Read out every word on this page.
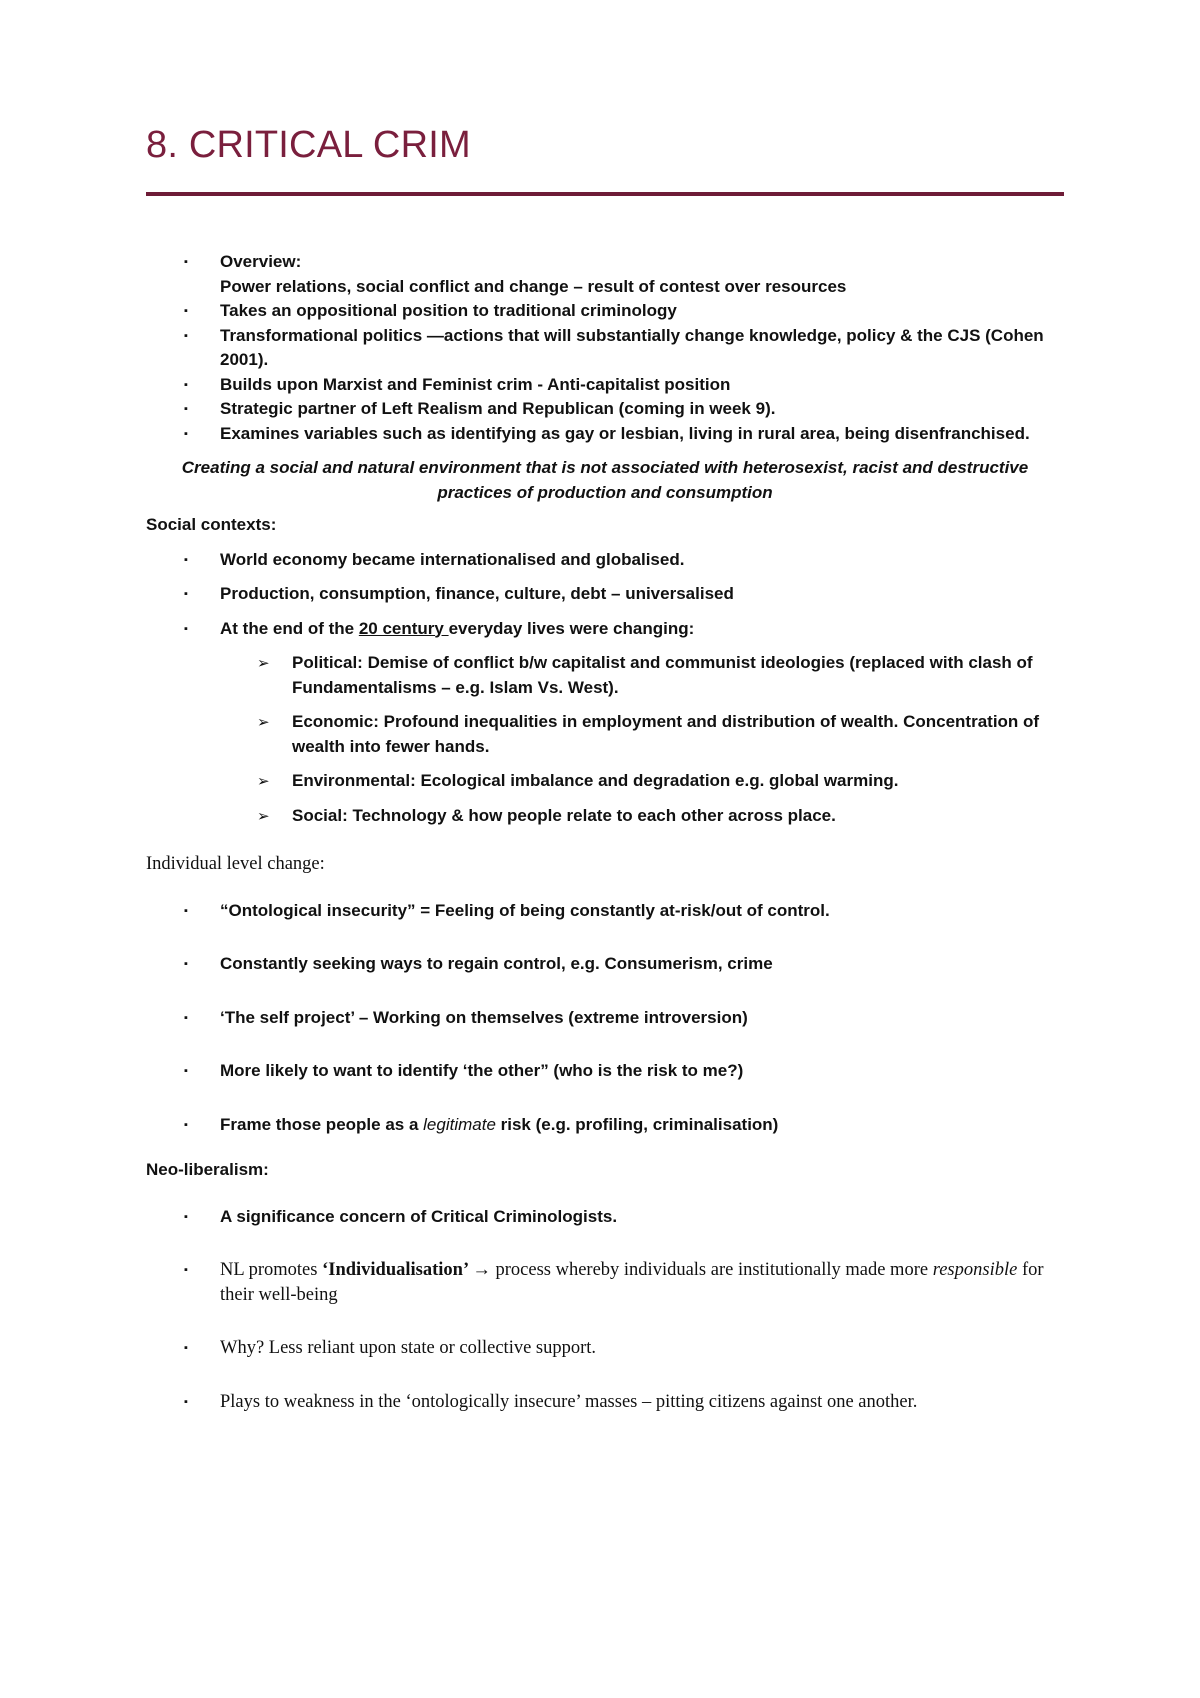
8. CRITICAL CRIM
▪ Overview:
Power relations, social conflict and change – result of contest over resources
▪ Takes an oppositional position to traditional criminology
▪ Transformational politics —actions that will substantially change knowledge, policy & the CJS (Cohen 2001).
▪ Builds upon Marxist and Feminist crim - Anti-capitalist position
▪ Strategic partner of Left Realism and Republican (coming in week 9).
▪ Examines variables such as identifying as gay or lesbian, living in rural area, being disenfranchised.
Creating a social and natural environment that is not associated with heterosexist, racist and destructive practices of production and consumption
Social contexts:
▪ World economy became internationalised and globalised.
▪ Production, consumption, finance, culture, debt – universalised
▪ At the end of the 20 century everyday lives were changing:
➢ Political: Demise of conflict b/w capitalist and communist ideologies (replaced with clash of Fundamentalisms – e.g. Islam Vs. West).
➢ Economic: Profound inequalities in employment and distribution of wealth. Concentration of wealth into fewer hands.
➢ Environmental: Ecological imbalance and degradation e.g. global warming.
➢ Social: Technology & how people relate to each other across place.
Individual level change:
▪ “Ontological insecurity” = Feeling of being constantly at-risk/out of control.
▪ Constantly seeking ways to regain control, e.g. Consumerism, crime
▪ ‘The self project’ – Working on themselves (extreme introversion)
▪ More likely to want to identify ‘the other” (who is the risk to me?)
▪ Frame those people as a legitimate risk (e.g. profiling, criminalisation)
Neo-liberalism:
▪ A significance concern of Critical Criminologists.
▪ NL promotes ‘Individualisation’ → process whereby individuals are institutionally made more responsible for their well-being
▪ Why? Less reliant upon state or collective support.
▪ Plays to weakness in the ‘ontologically insecure’ masses – pitting citizens against one another.
